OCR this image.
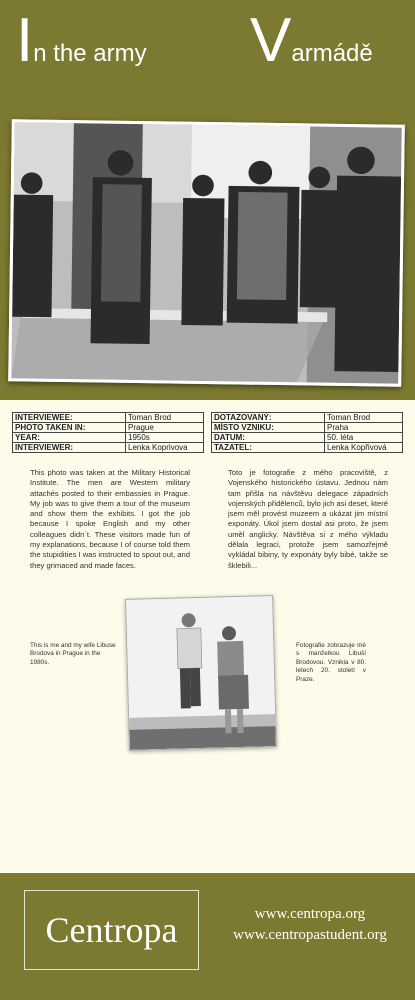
In the army Varmádě
INTERVIEWEE:	Toman Brod
PHOTO TAKEN IN:	Prague
YEAR:	1950s
INTERVIEWER:	Lenka Koprivova
DOTAZOVANÝ:	Toman Brod
MÍSTO VZNIKU:	Praha
DATUM:	50. léta
TAZATEL:	Lenka Kopřivová
This photo was taken at the Military Historical Institute. The men are Western military attachés posted to their embassies in Prague. My job was to give them a tour of the museum and show them the exhibits. I got the job because I spoke English and my other colleagues didn´t. These visitors made fun of my explanations, because I of course told them the stupidities I was instructed to spout out, and they grimaced and made faces.
Toto je fotografie z mého pracoviště, z Vojenského historického ústavu. Jednou nám tam přišla na návštěvu delegace západních vojenských přidělenců, bylo jich asi deset, které jsem měl provést muzeem a ukázat jim místní exponáty. Úkol jsem dostal asi proto, že jsem uměl anglicky. Návštěva si z mého výkladu dělala legraci, protože jsem samozřejmě vykládal bibiny, ty exponáty byly bibé, takže se šklebili...
This is me and my wife Libuse Brodova in Prague in the 1980s.
Fotografie zobrazuje mě s manželkou Libuší Brodovou. Vznikla v 80. letech 20. století v Praze.
Centropa	www.centropa.org
www.centropastudent.org
